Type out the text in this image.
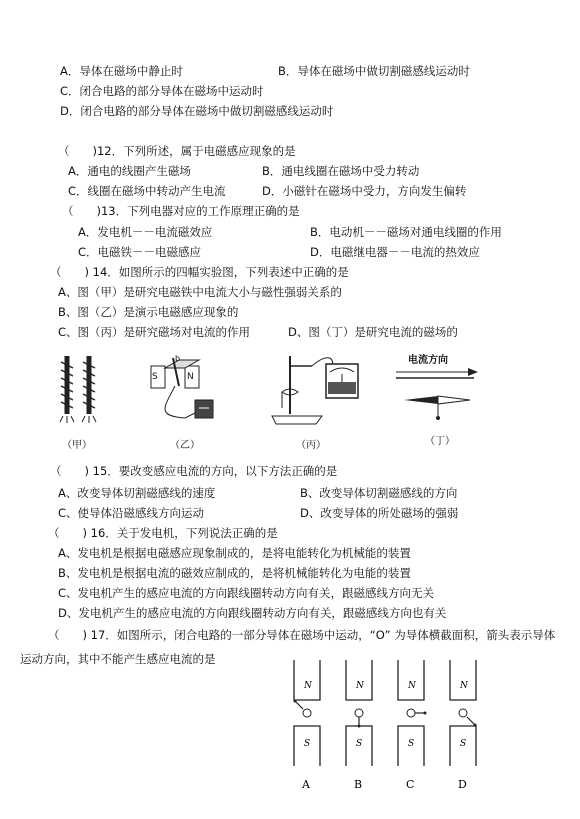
A．导体在磁场中静止时	B．导体在磁场中做切割磁感线运动时
C．闭合电路的部分导体在磁场中运动时
D．闭合电路的部分导体在磁场中做切割磁感线运动时
（　　)12．下列所述，属于电磁感应现象的是
A．通电的线圈产生磁场	B．通电线圈在磁场中受力转动
C．线圈在磁场中转动产生电流	D．小磁针在磁场中受力，方向发生偏转
（　　)13．下列电器对应的工作原理正确的是
A．发电机－－电流磁效应	B．电动机－－磁场对通电线圈的作用
C．电磁铁－－电磁感应	D．电磁继电器－－电流的热效应
（　　) 14．如图所示的四幅实验图，下列表述中正确的是
A、图（甲）是研究电磁铁中电流大小与磁性强弱关系的
B、图（乙）是演示电磁感应现象的
C、图（丙）是研究磁场对电流的作用	D、图（丁）是研究电流的磁场的
（甲）
S	N
b
（乙）	（丙）
电流方向
（丁）
（　　) 15．要改变感应电流的方向，以下方法正确的是
A、改变导体切割磁感线的速度	B、改变导体切割磁感线的方向
C、使导体沿磁感线方向运动	D、改变导体的所处磁场的强弱
（　　) 16．关于发电机，下列说法正确的是
A、发电机是根据电磁感应现象制成的，是将电能转化为机械能的装置
B、发电机是根据电流的磁效应制成的，是将机械能转化为电能的装置
C、发电机产生的感应电流的方向跟线圈转动方向有关，跟磁感线方向无关
D、发电机产生的感应电流的方向跟线圈转动方向有关，跟磁感线方向也有关
（　　) 17．如图所示，闭合电路的一部分导体在磁场中运动，“O” 为导体横截面积，箭头表示导体
运动方向，其中不能产生感应电流的是
N
S
A
N
S
B
N
S
C
N
S
D
